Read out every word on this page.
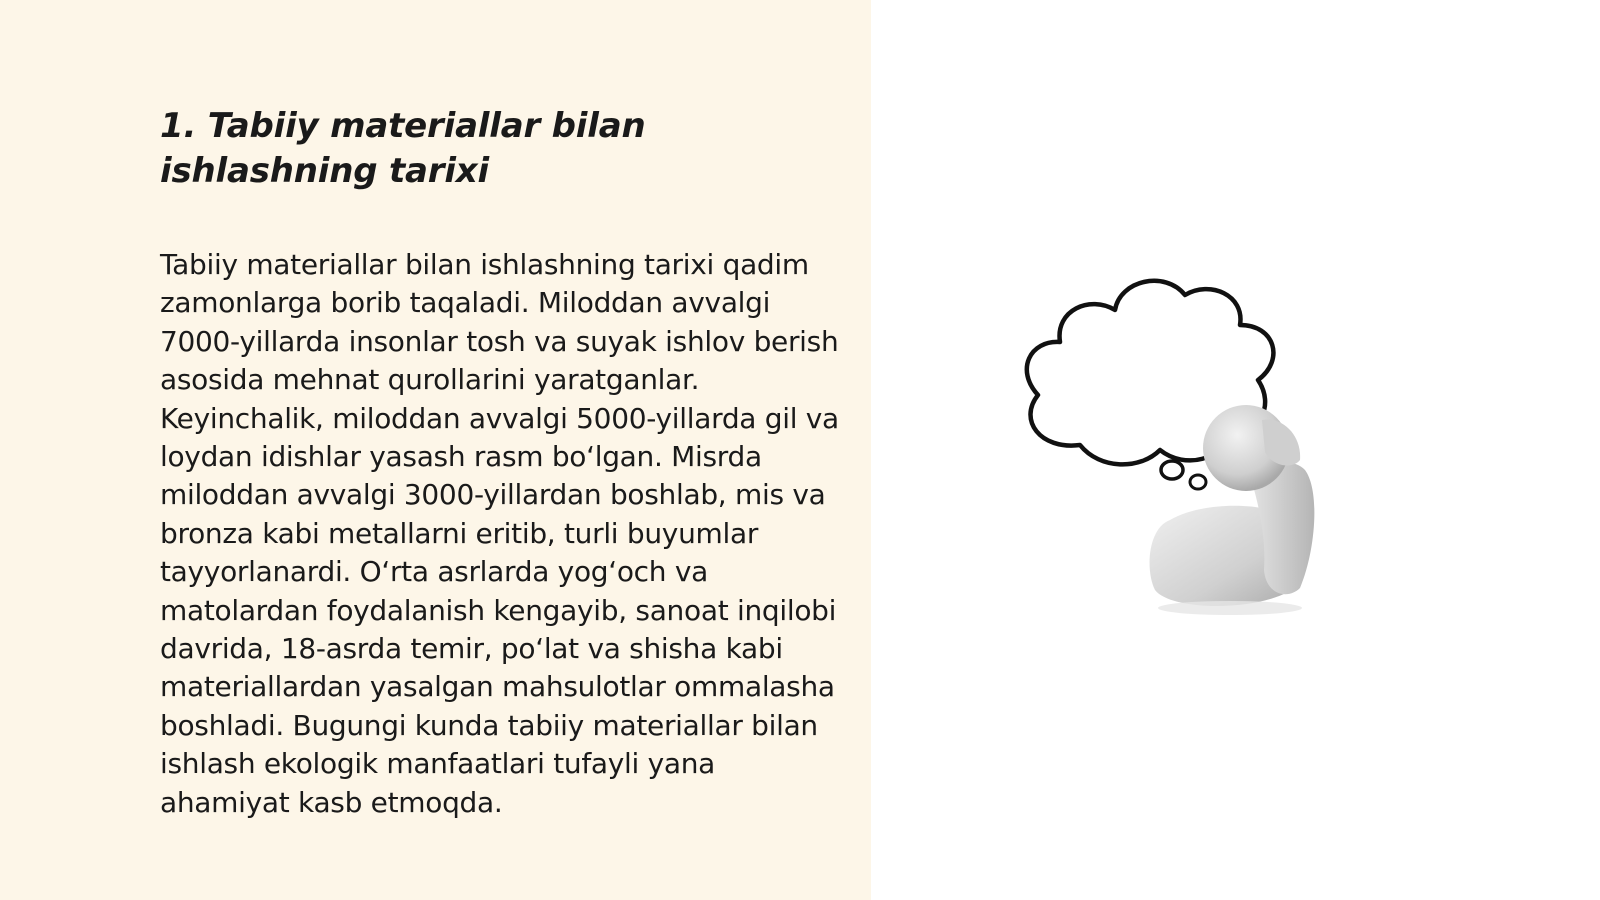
1. Tabiiy materiallar bilan ishlashning tarixi

Tabiiy materiallar bilan ishlashning tarixi qadim zamonlarga borib taqaladi. Miloddan avvalgi 7000-yillarda insonlar tosh va suyak ishlov berish asosida mehnat qurollarini yaratganlar. Keyinchalik, miloddan avvalgi 5000-yillarda gil va loydan idishlar yasash rasm bo‘lgan. Misrda miloddan avvalgi 3000-yillardan boshlab, mis va bronza kabi metallarni eritib, turli buyumlar tayyorlanardi. O‘rta asrlarda yog‘och va matolardan foydalanish kengayib, sanoat inqilobi davrida, 18-asrda temir, po‘lat va shisha kabi materiallardan yasalgan mahsulotlar ommalasha boshladi. Bugungi kunda tabiiy materiallar bilan ishlash ekologik manfaatlari tufayli yana ahamiyat kasb etmoqda.
